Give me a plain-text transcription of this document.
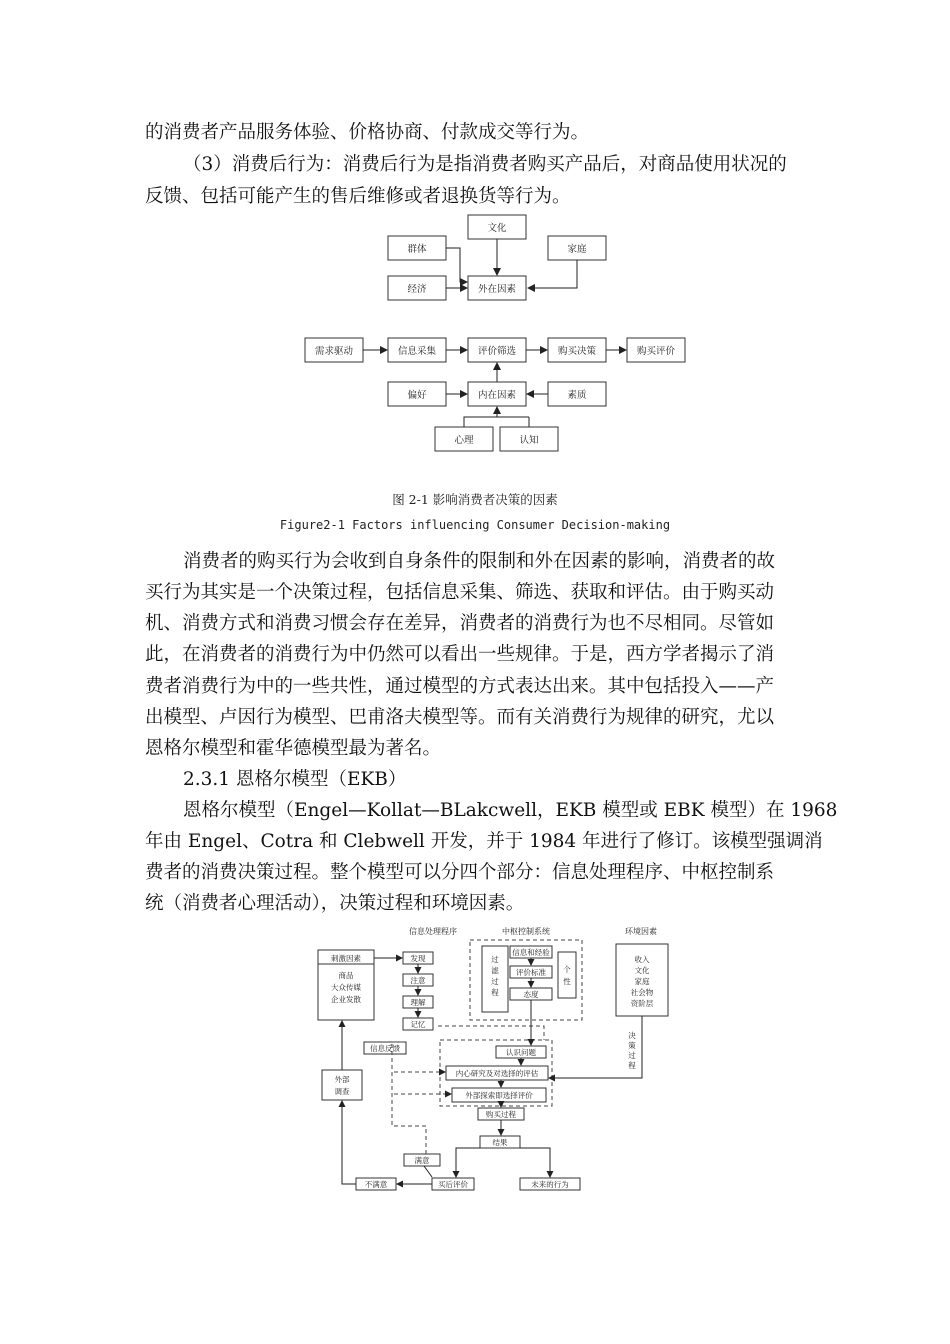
的消费者产品服务体验、价格协商、付款成交等行为。
（3）消费后行为：消费后行为是指消费者购买产品后，对商品使用状况的
反馈、包括可能产生的售后维修或者退换货等行为。
文化
群体	家庭
经济	外在因素
需求驱动	信息采集	评价筛选	购买决策	购买评价
偏好	内在因素	素质
心理	认知
图 2-1 影响消费者决策的因素
Figure2-1 Factors influencing Consumer Decision-making
消费者的购买行为会收到自身条件的限制和外在因素的影响，消费者的故
买行为其实是一个决策过程，包括信息采集、筛选、获取和评估。由于购买动
机、消费方式和消费习惯会存在差异，消费者的消费行为也不尽相同。尽管如
此，在消费者的消费行为中仍然可以看出一些规律。于是，西方学者揭示了消
费者消费行为中的一些共性，通过模型的方式表达出来。其中包括投入——产
出模型、卢因行为模型、巴甫洛夫模型等。而有关消费行为规律的研究，尤以
恩格尔模型和霍华德模型最为著名。
2.3.1 恩格尔模型（EKB）
恩格尔模型（Engel—Kollat—BLakcwell，EKB 模型或 EBK 模型）在 1968
年由 Engel、Cotra 和 Clebwell 开发，并于 1984 年进行了修订。该模型强调消
费者的消费决策过程。整个模型可以分四个部分：信息处理程序、中枢控制系
统（消费者心理活动），决策过程和环境因素。
信息处理程序	中枢控制系统	环境因素
刺激因素
商品
大众传媒
企业发散
发现
注意
理解
记忆
过
滤
过
程
信息和经验
评价标准
态度
个
性
收入
文化
家庭
社会物
资阶层
决
策
过
程
信息反馈
外部
调查
认识问题
内心研究及对选择的评估
外部探索即选择评价
购买过程
结果
满意
不满意	买后评价	未来的行为
